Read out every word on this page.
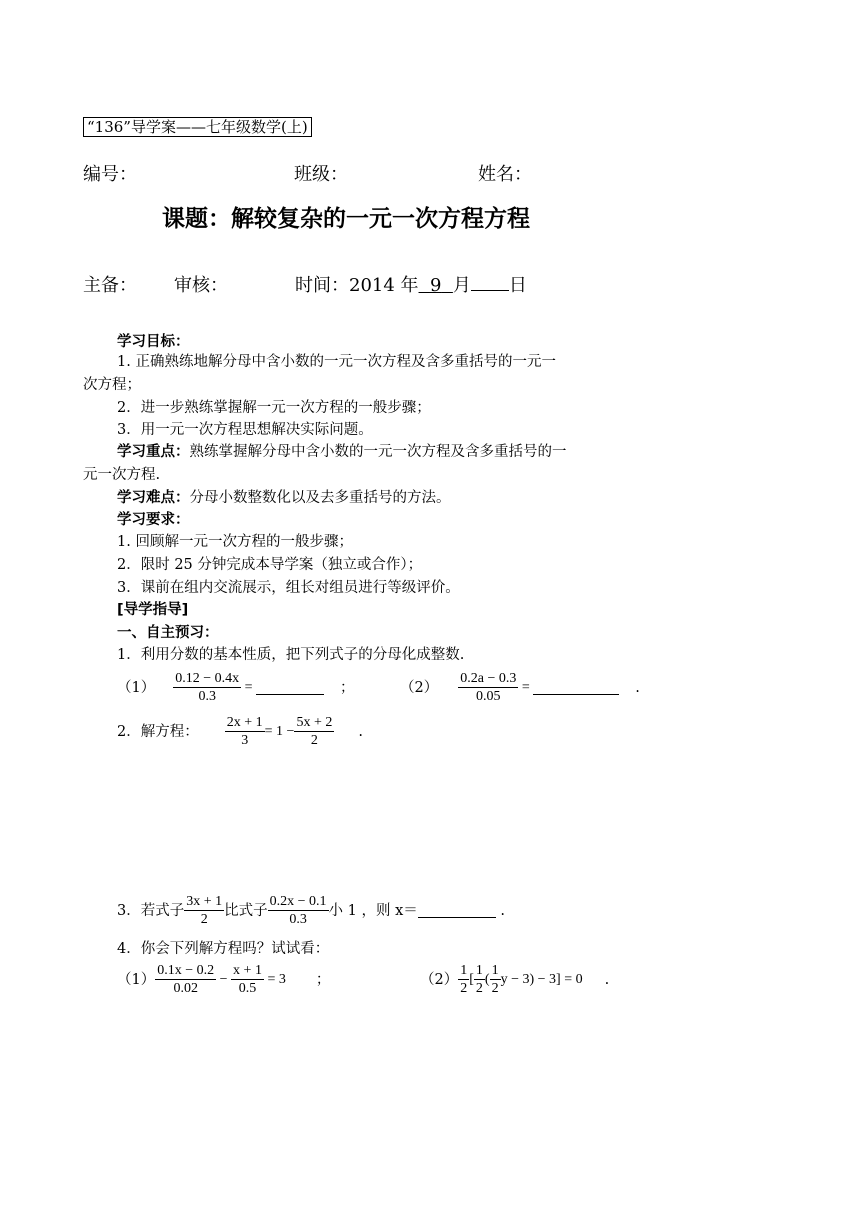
“136”导学案——七年级数学(上)
编号：	班级：	姓名：
课题：解较复杂的一元一次方程方程
主备： 审核：	时间：2014 年 9 月 日
学习目标：
1. 正确熟练地解分母中含小数的一元一次方程及含多重括号的一元一
次方程；
2．进一步熟练掌握解一元一次方程的一般步骤；
3．用一元一次方程思想解决实际问题。
学习重点：熟练掌握解分母中含小数的一元一次方程及含多重括号的一
元一次方程.
学习难点：分母小数整数化以及去多重括号的方法。
学习要求：
1. 回顾解一元一次方程的一般步骤；
2．限时 25 分钟完成本导学案（独立或合作）；
3．课前在组内交流展示，组长对组员进行等级评价。
[导学指导]
一、自主预习：
1．利用分数的基本性质，把下列式子的分母化成整数.
$(1) \frac{0.12 - 0.4x}{0.3}$ =	；	$(2) \frac{0.2a - 0.3}{0.05}$ =	.
2．解方程： $\frac{2x + 1}{3} = 1 - \frac{5x + 2}{2}$ .
3．若式子 $\frac{3x + 1}{2}$ 比式子 $\frac{0.2x - 0.1}{0.3}$ 小 1 ，则 x＝
	.
4．你会下列解方程吗？试试看：
$(1) \frac{0.1x - 0.2}{0.02}$
−
$\frac{x + 1}{0.5}$
= 3 ；	$(2) \frac{1}{2}$ [ $\frac{1}{2}$ ( $\frac{1}{2}$ y − 3) − 3] = 0 .
